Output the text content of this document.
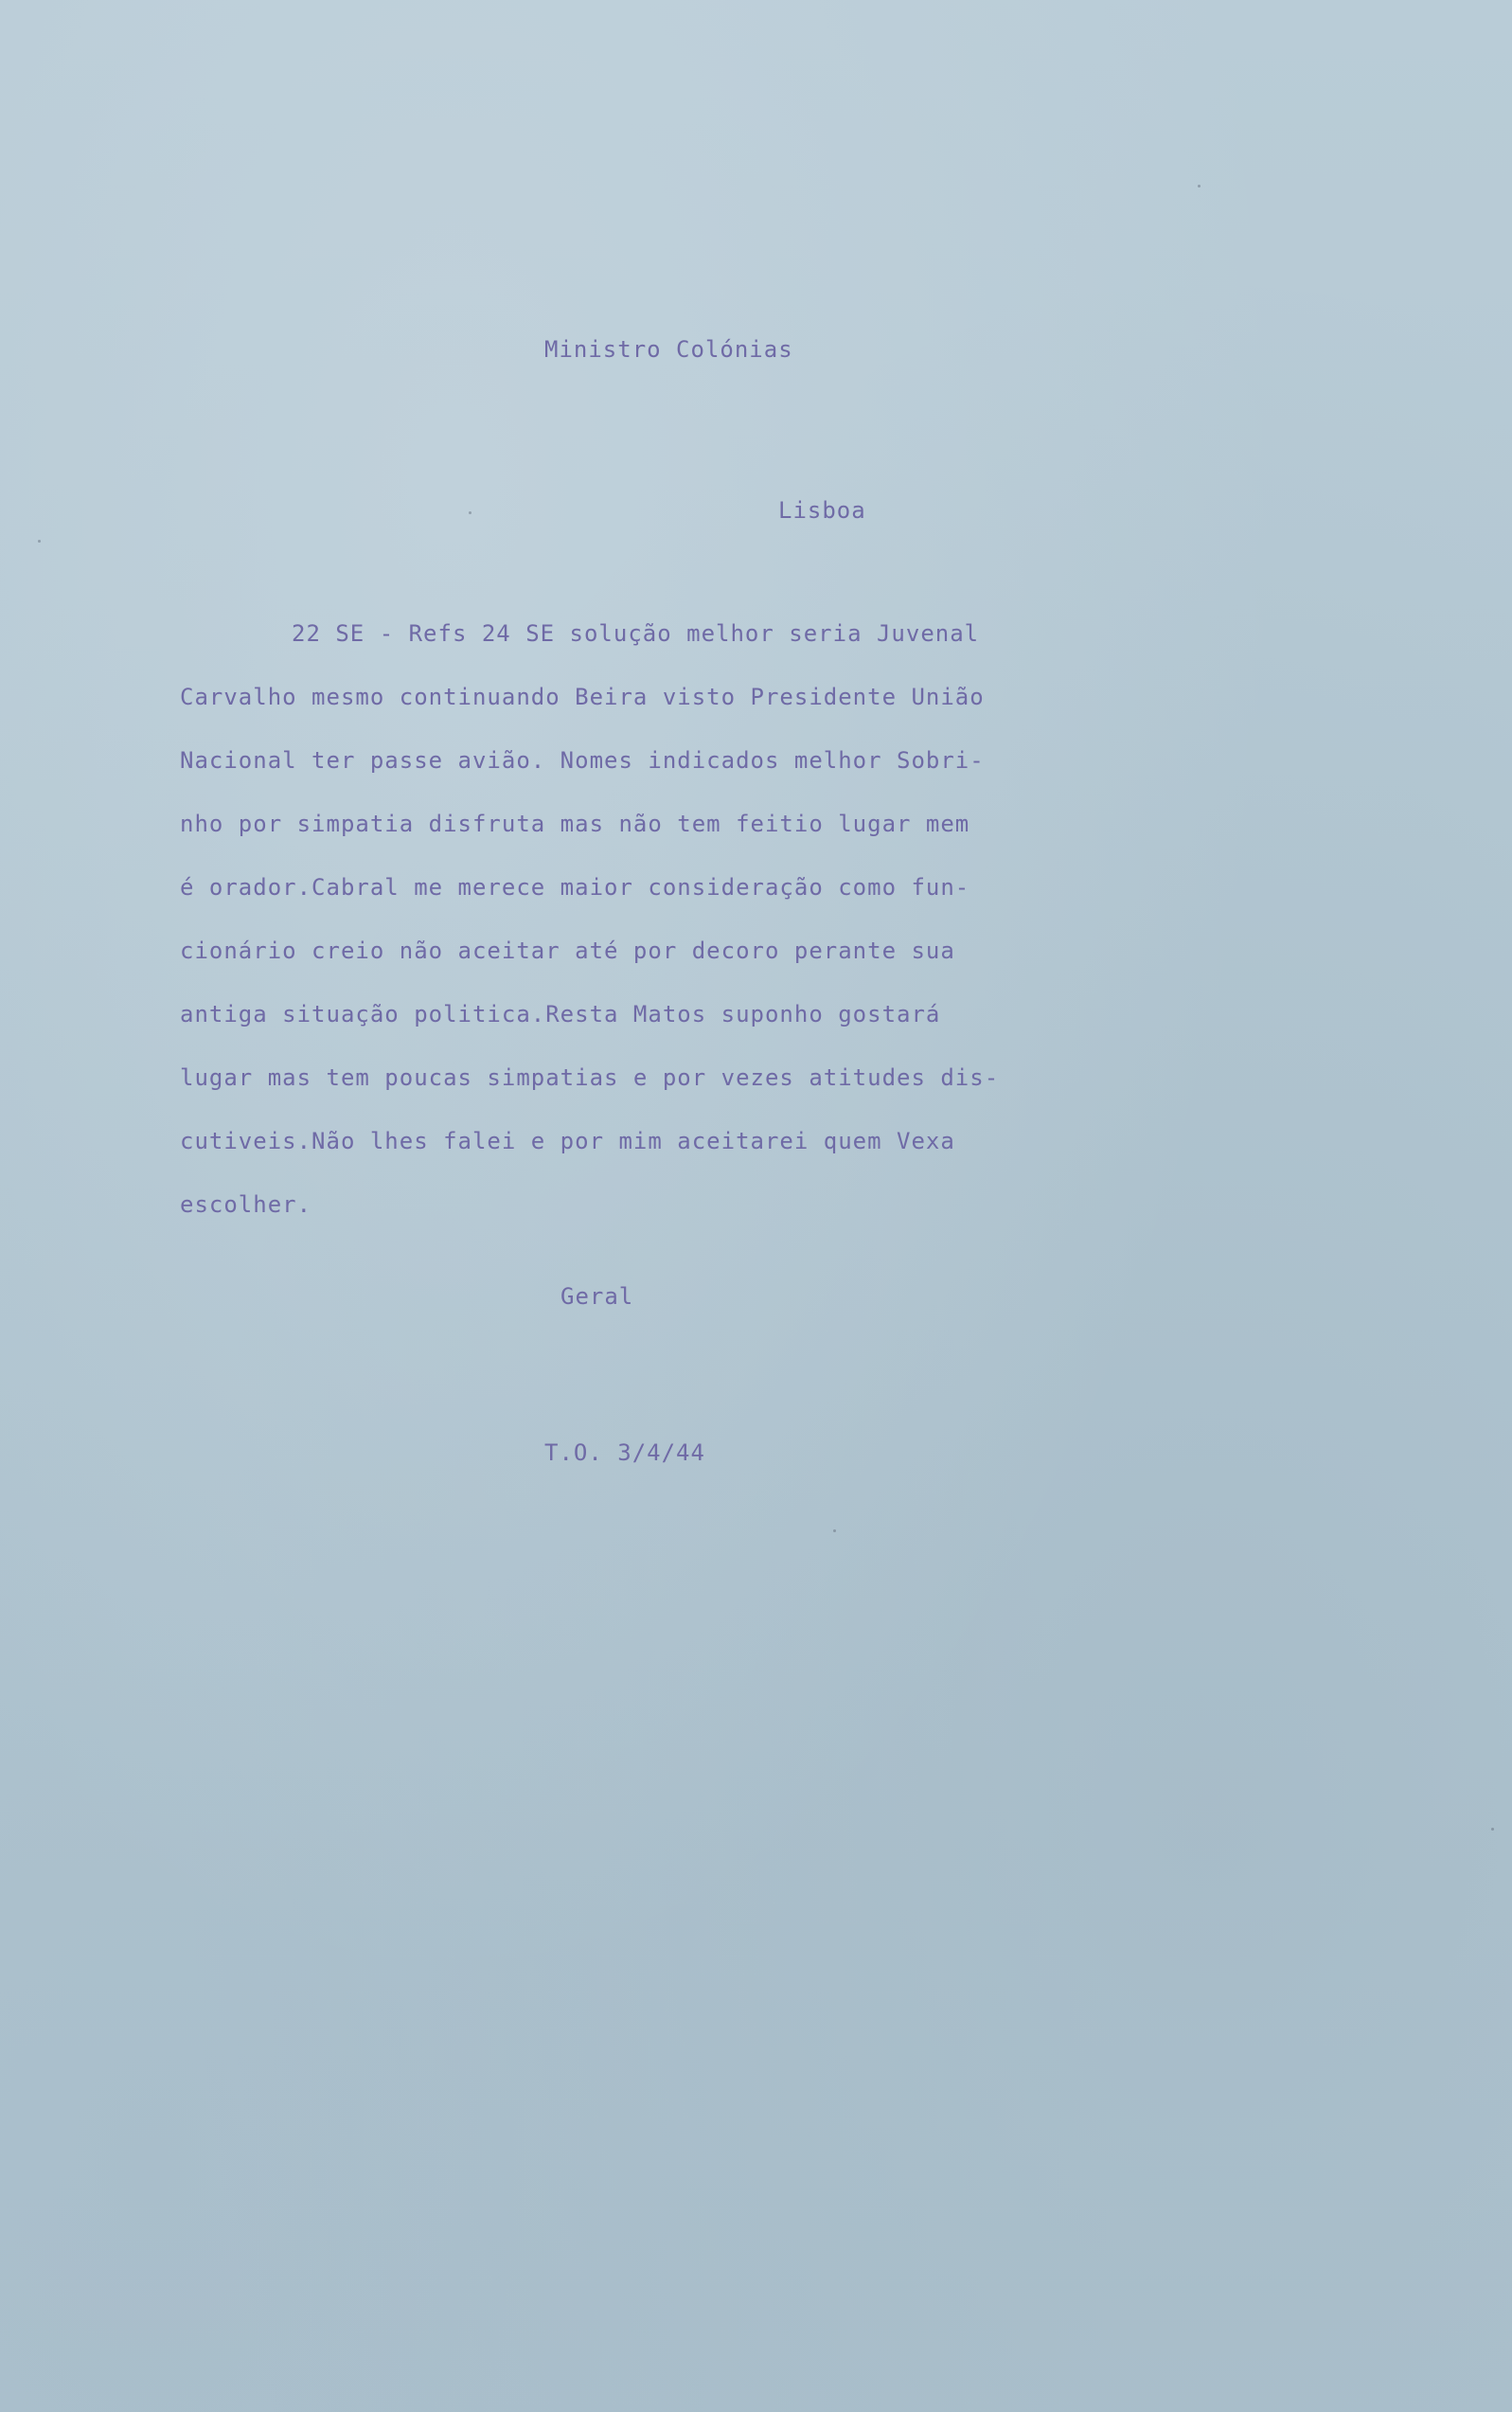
Ministro Colónias
Lisboa
22 SE - Refs 24 SE solução melhor seria Juvenal
Carvalho mesmo continuando Beira visto Presidente União
Nacional ter passe avião. Nomes indicados melhor Sobri-
nho por simpatia disfruta mas não tem feitio lugar mem
é orador.Cabral me merece maior consideração como fun-
cionário creio não aceitar até por decoro perante sua
antiga situação politica.Resta Matos suponho gostará
lugar mas tem poucas simpatias e por vezes atitudes dis-
cutiveis.Não lhes falei e por mim aceitarei quem Vexa
escolher.
Geral
T.O. 3/4/44
